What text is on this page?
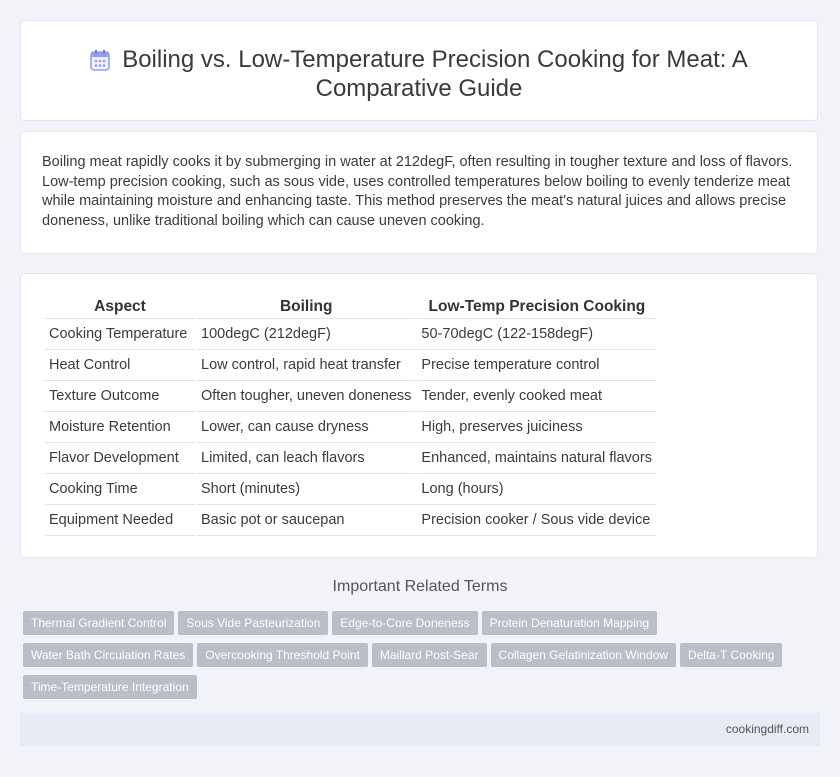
Boiling vs. Low-Temperature Precision Cooking for Meat: A Comparative Guide

Boiling meat rapidly cooks it by submerging in water at 212degF, often resulting in tougher texture and loss of flavors. Low-temp precision cooking, such as sous vide, uses controlled temperatures below boiling to evenly tenderize meat while maintaining moisture and enhancing taste. This method preserves the meat's natural juices and allows precise doneness, unlike traditional boiling which can cause uneven cooking.

Aspect	Boiling	Low-Temp Precision Cooking
Cooking Temperature	100degC (212degF)	50-70degC (122-158degF)
Heat Control	Low control, rapid heat transfer	Precise temperature control
Texture Outcome	Often tougher, uneven doneness	Tender, evenly cooked meat
Moisture Retention	Lower, can cause dryness	High, preserves juiciness
Flavor Development	Limited, can leach flavors	Enhanced, maintains natural flavors
Cooking Time	Short (minutes)	Long (hours)
Equipment Needed	Basic pot or saucepan	Precision cooker / Sous vide device
Important Related Terms
Thermal Gradient Control Sous Vide Pasteurization Edge-to-Core Doneness Protein Denaturation Mapping
Water Bath Circulation Rates Overcooking Threshold Point Maillard Post-Sear Collagen Gelatinization Window Delta-T Cooking
Time-Temperature Integration
cookingdiff.com
